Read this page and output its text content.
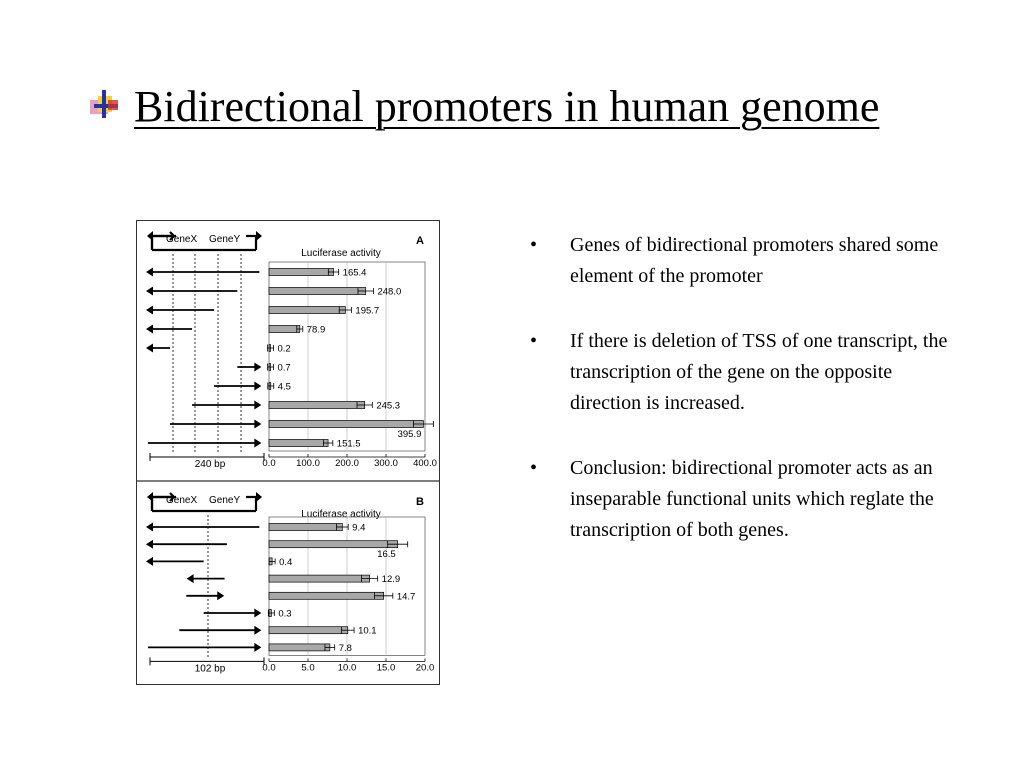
Bidirectional promoters in human genome
A
GeneX GeneY
Luciferase activity
0.0 100.0 200.0 300.0 400.0
240 bp
165.4
248.0
195.7
78.9
0.2
0.7
4.5
245.3
395.9
151.5
B
GeneX GeneY
Luciferase activity
0.0	5.0 10.0 15.0 20.0
102 bp
9.4
16.5
0.4
12.9
14.7
0.3
10.1
7.8
• Genes of bidirectional promoters shared some element of the promoter
• If there is deletion of TSS of one transcript, the transcription of the gene on the opposite direction is increased.
• Conclusion: bidirectional promoter acts as an inseparable functional units which reglate the transcription of both genes.
